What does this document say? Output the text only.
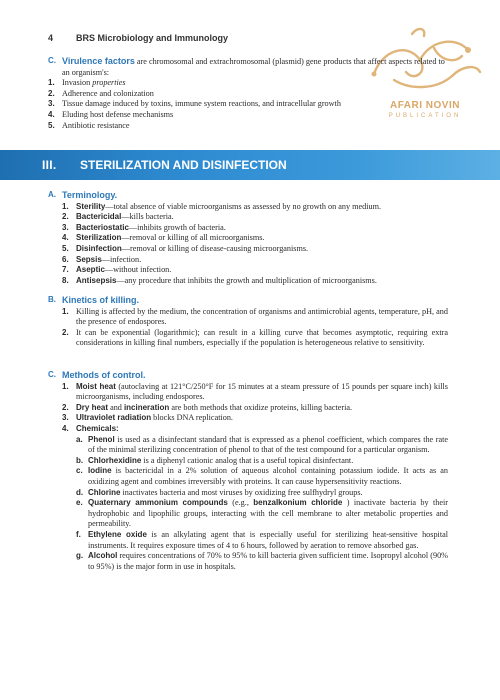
4	BRS Microbiology and Immunology
AFARI NOVIN
PUBLICATION
C. Virulence factors are chromosomal and extrachromosomal (plasmid) gene products that affect aspects related to an organism's:
1. Invasion properties
2. Adherence and colonization
3. Tissue damage induced by toxins, immune system reactions, and intracellular growth
4. Eluding host defense mechanisms
5. Antibiotic resistance
III. STERILIZATION AND DISINFECTION
A. Terminology.
1. Sterility—total absence of viable microorganisms as assessed by no growth on any medium.
2. Bactericidal—kills bacteria.
3. Bacteriostatic—inhibits growth of bacteria.
4. Sterilization—removal or killing of all microorganisms.
5. Disinfection—removal or killing of disease-causing microorganisms.
6. Sepsis—infection.
7. Aseptic—without infection.
8. Antisepsis—any procedure that inhibits the growth and multiplication of microorganisms.
B. Kinetics of killing.
1. Killing is affected by the medium, the concentration of organisms and antimicrobial agents, temperature, pH, and the presence of endospores.
2. It can be exponential (logarithmic); can result in a killing curve that becomes asymptotic, requiring extra considerations in killing final numbers, especially if the population is heterogeneous relative to sensitivity.
C. Methods of control.
1. Moist heat (autoclaving at 121°C/250°F for 15 minutes at a steam pressure of 15 pounds per square inch) kills microorganisms, including endospores.
2. Dry heat and incineration are both methods that oxidize proteins, killing bacteria.
3. Ultraviolet radiation blocks DNA replication.
4. Chemicals:
a. Phenol is used as a disinfectant standard that is expressed as a phenol coefficient, which compares the rate of the minimal sterilizing concentration of phenol to that of the test compound for a particular organism.
b. Chlorhexidine is a diphenyl cationic analog that is a useful topical disinfectant.
c. Iodine is bactericidal in a 2% solution of aqueous alcohol containing potassium iodide. It acts as an oxidizing agent and combines irreversibly with proteins. It can cause hypersensitivity reactions.
d. Chlorine inactivates bacteria and most viruses by oxidizing free sulfhydryl groups.
e. Quaternary ammonium compounds (e.g., benzalkonium chloride ) inactivate bacteria by their hydrophobic and lipophilic groups, interacting with the cell membrane to alter metabolic properties and permeability.
f. Ethylene oxide is an alkylating agent that is especially useful for sterilizing heat-sensitive hospital instruments. It requires exposure times of 4 to 6 hours, followed by aeration to remove absorbed gas.
g. Alcohol requires concentrations of 70% to 95% to kill bacteria given sufficient time. Isopropyl alcohol (90% to 95%) is the major form in use in hospitals.
